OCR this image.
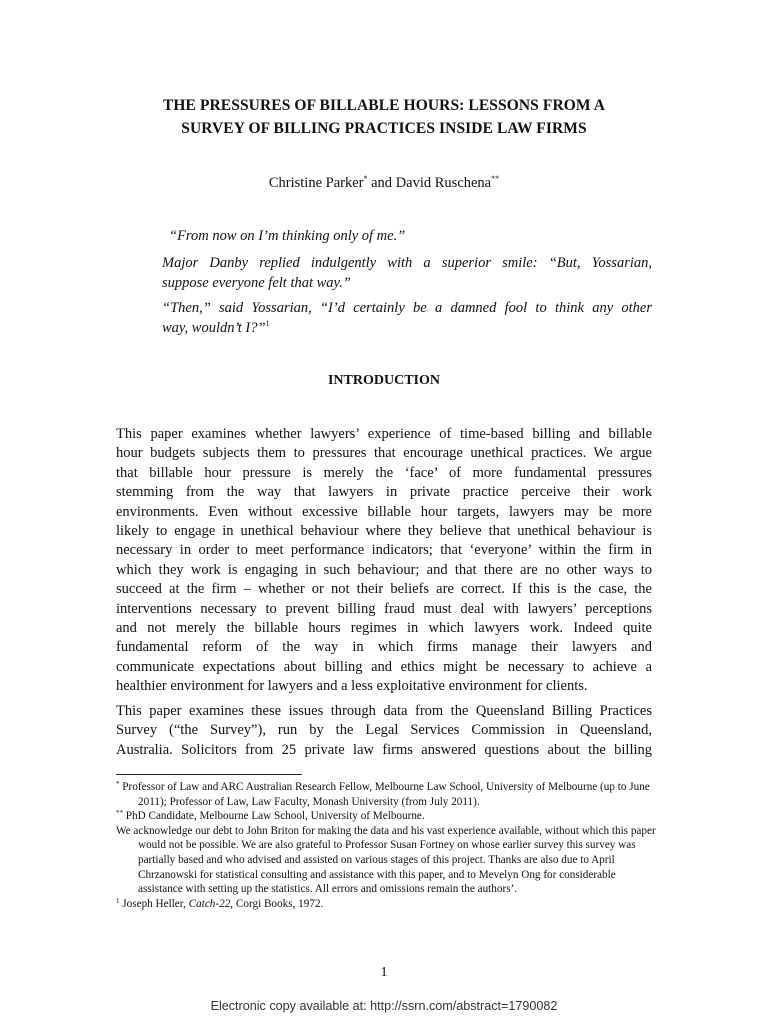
THE PRESSURES OF BILLABLE HOURS: LESSONS FROM A
SURVEY OF BILLING PRACTICES INSIDE LAW FIRMS
Christine Parker* and David Ruschena**
“From now on I’m thinking only of me.”
Major Danby replied indulgently with a superior smile: “But, Yossarian,
suppose everyone felt that way.”
“Then,” said Yossarian, “I’d certainly be a damned fool to think any other
way, wouldn’t I?”$^1$
INTRODUCTION
This paper examines whether lawyers’ experience of time-based billing and billable
hour budgets subjects them to pressures that encourage unethical practices. We argue
that billable hour pressure is merely the ‘face’ of more fundamental pressures
stemming from the way that lawyers in private practice perceive their work
environments. Even without excessive billable hour targets, lawyers may be more
likely to engage in unethical behaviour where they believe that unethical behaviour is
necessary in order to meet performance indicators; that ‘everyone’ within the firm in
which they work is engaging in such behaviour; and that there are no other ways to
succeed at the firm – whether or not their beliefs are correct. If this is the case, the
interventions necessary to prevent billing fraud must deal with lawyers’ perceptions
and not merely the billable hours regimes in which lawyers work. Indeed quite
fundamental reform of the way in which firms manage their lawyers and
communicate expectations about billing and ethics might be necessary to achieve a
healthier environment for lawyers and a less exploitative environment for clients.
This paper examines these issues through data from the Queensland Billing Practices
Survey (“the Survey”), run by the Legal Services Commission in Queensland,
Australia. Solicitors from 25 private law firms answered questions about the billing
* Professor of Law and ARC Australian Research Fellow, Melbourne Law School, University of Melbourne (up to June 2011); Professor of Law, Law Faculty, Monash University (from July 2011).
** PhD Candidate, Melbourne Law School, University of Melbourne.
We acknowledge our debt to John Briton for making the data and his vast experience available, without which this paper would not be possible. We are also grateful to Professor Susan Fortney on whose earlier survey this survey was partially based and who advised and assisted on various stages of this project. Thanks are also due to April Chrzanowski for statistical consulting and assistance with this paper, and to Mevelyn Ong for considerable assistance with setting up the statistics. All errors and omissions remain the authors’.
$^1$ Joseph Heller, Catch-22, Corgi Books, 1972.
1
Electronic copy available at: http://ssrn.com/abstract=1790082
